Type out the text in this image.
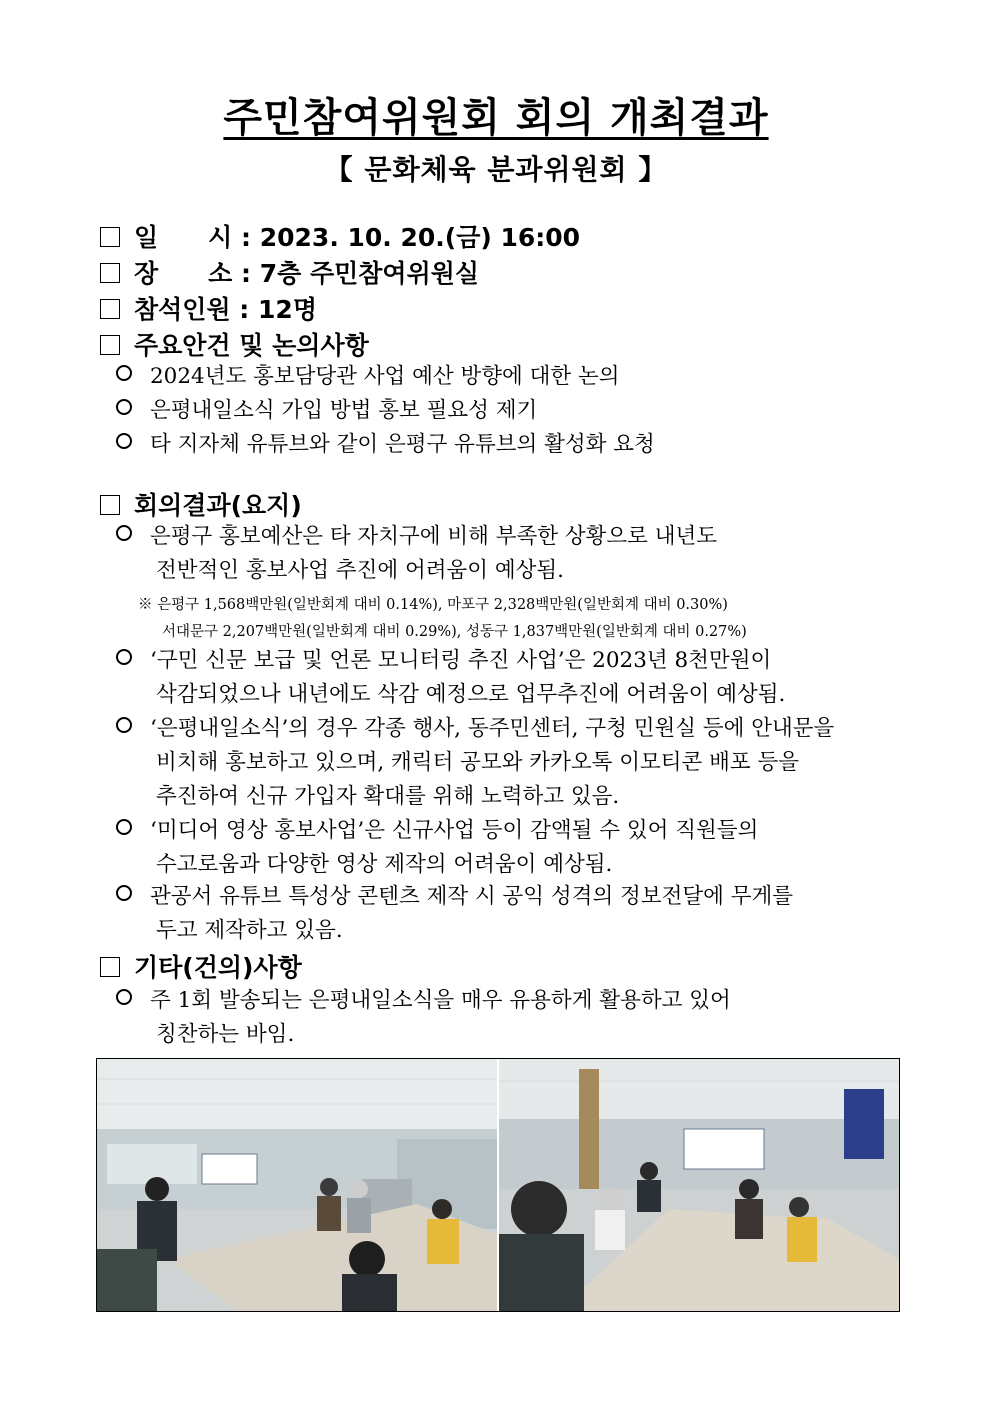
주민참여위원회 회의 개최결과
【 문화체육 분과위원회 】
일　　시 : 2023. 10. 20.(금) 16:00
장　　소 : 7층 주민참여위원실
참석인원 : 12명
주요안건 및 논의사항
2024년도 홍보담당관 사업 예산 방향에 대한 논의
은평내일소식 가입 방법 홍보 필요성 제기
타 지자체 유튜브와 같이 은평구 유튜브의 활성화 요청
회의결과(요지)
은평구 홍보예산은 타 자치구에 비해 부족한 상황으로 내년도
전반적인 홍보사업 추진에 어려움이 예상됨.
※ 은평구 1,568백만원(일반회계 대비 0.14%), 마포구 2,328백만원(일반회계 대비 0.30%)
서대문구 2,207백만원(일반회계 대비 0.29%), 성동구 1,837백만원(일반회계 대비 0.27%)
‘구민 신문 보급 및 언론 모니터링 추진 사업’은 2023년 8천만원이
삭감되었으나 내년에도 삭감 예정으로 업무추진에 어려움이 예상됨.
‘은평내일소식’의 경우 각종 행사, 동주민센터, 구청 민원실 등에 안내문을
비치해 홍보하고 있으며, 캐릭터 공모와 카카오톡 이모티콘 배포 등을
추진하여 신규 가입자 확대를 위해 노력하고 있음.
‘미디어 영상 홍보사업’은 신규사업 등이 감액될 수 있어 직원들의
수고로움과 다양한 영상 제작의 어려움이 예상됨.
관공서 유튜브 특성상 콘텐츠 제작 시 공익 성격의 정보전달에 무게를
두고 제작하고 있음.
기타(건의)사항
주 1회 발송되는 은평내일소식을 매우 유용하게 활용하고 있어
칭찬하는 바임.
